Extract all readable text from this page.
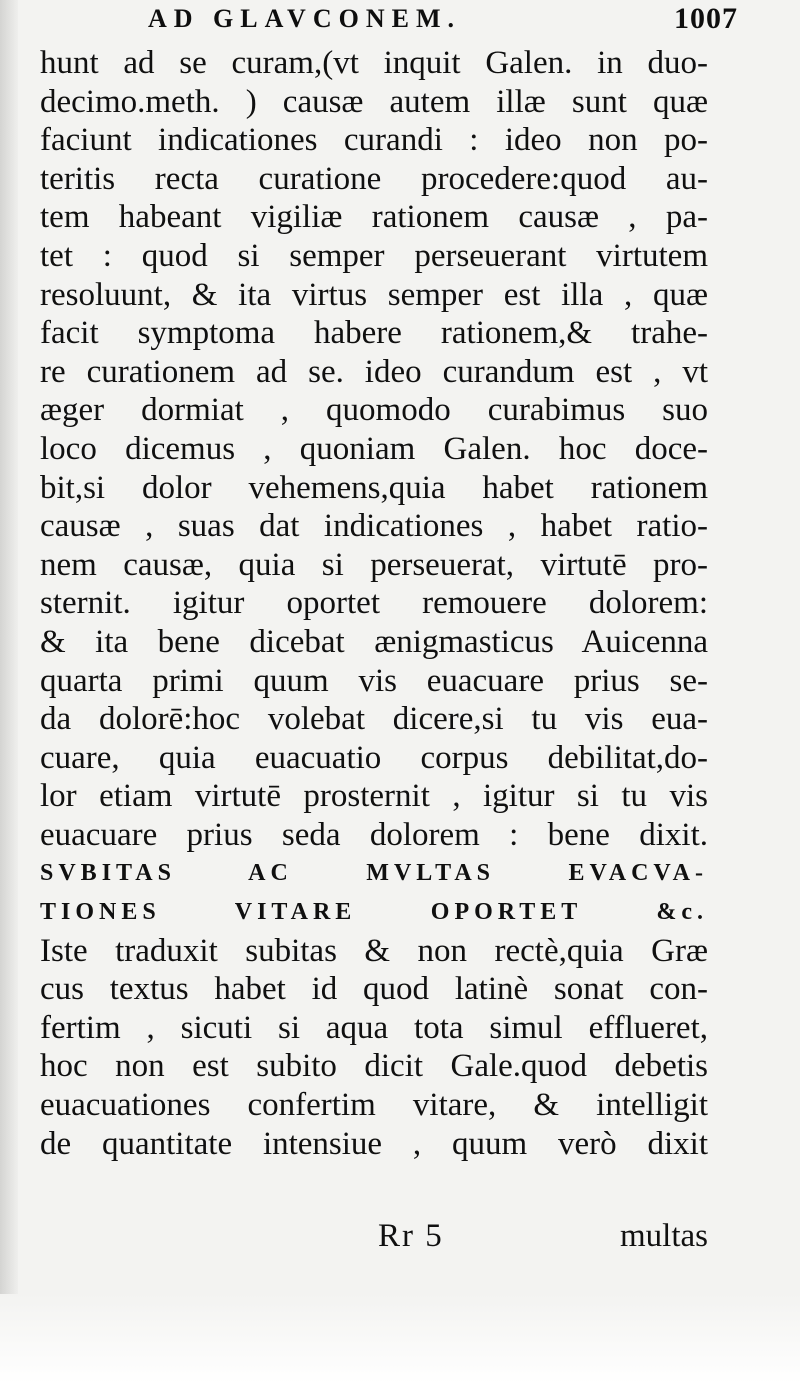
AD GLAVCONEM.	1007
hunt ad se curam,(vt inquit Galen. in duo-
decimo.meth. ) causæ autem illæ sunt quæ
faciunt indicationes curandi : ideo non po-
teritis recta curatione procedere:quod au-
tem habeant vigiliæ rationem causæ , pa-
tet : quod si semper perseuerant virtutem
resoluunt, & ita virtus semper est illa , quæ
facit symptoma habere rationem,& trahe-
re curationem ad se. ideo curandum est , vt
æger dormiat , quomodo curabimus suo
loco dicemus , quoniam Galen. hoc doce-
bit,si dolor vehemens,quia habet rationem
causæ , suas dat indicationes , habet ratio-
nem causæ, quia si perseuerat, virtutē pro-
sternit. igitur oportet remouere dolorem:
& ita bene dicebat ænigmasticus Auicenna
quarta primi quum vis euacuare prius se-
da dolorē:hoc volebat dicere,si tu vis eua-
cuare, quia euacuatio corpus debilitat,do-
lor etiam virtutē prosternit , igitur si tu vis
euacuare prius seda dolorem : bene dixit.
SVBITAS AC MVLTAS EVACVA-
TIONES VITARE OPORTET &c.
Iste traduxit subitas & non rectè,quia Græ
cus textus habet id quod latinè sonat con-
fertim , sicuti si aqua tota simul efflueret,
hoc non est subito dicit Gale.quod debetis
euacuationes confertim vitare, & intelligit
de quantitate intensiue , quum verò dixit
Rr 5	multas
